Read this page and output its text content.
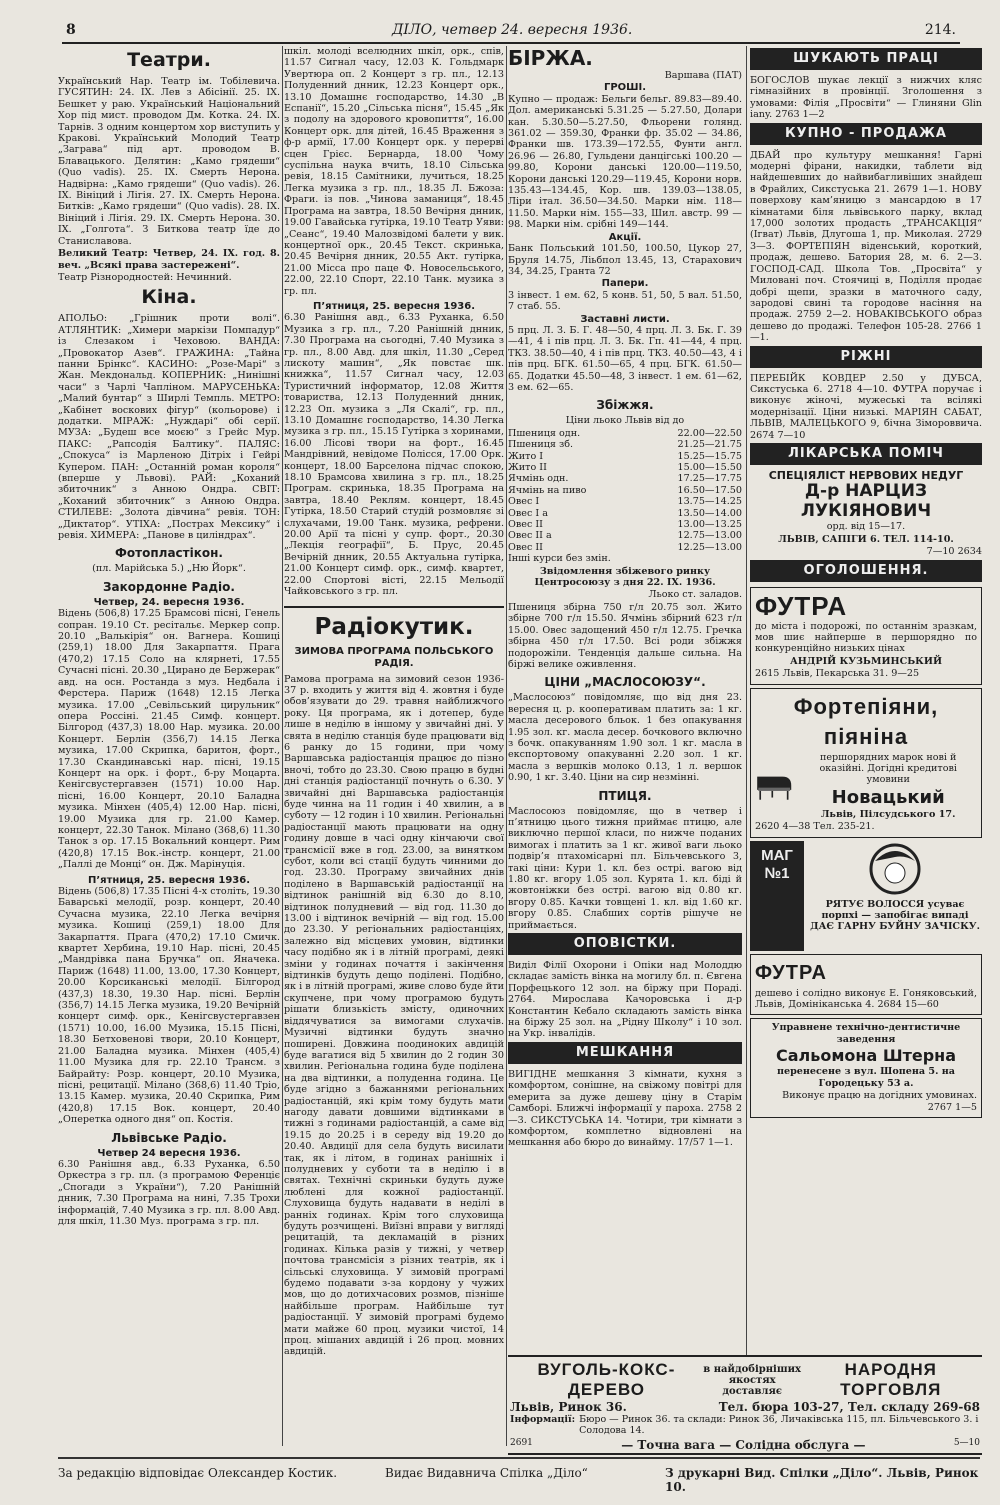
8	ДІЛО, четвер 24. вересня 1936.	214.
Театри.

Український Нар. Театр ім. Тобілевича. ГУСЯТИН: 24. IX. Лев з Абісінії. 25. IX. Бешкет у раю. Український Національний Хор під мист. проводом Дм. Котка. 24. IX. Тарнів. 3 одним концертом хор виступить у Кракові. Український Молодий Театр „Заграва“ під арт. проводом В. Блавацького. Делятин: „Камо грядеши“ (Quo vadis). 25. IX. Смерть Нерона. Надвірна: „Камо грядеши“ (Quo vadis). 26. IX. Вініций і Лігія. 27. IX. Смерть Нерона. Битків: „Камо грядеши“ (Quo vadis). 28. IX. Вініций і Лігія. 29. IX. Смерть Нерона. 30. IX. „Голгота“. З Биткова театр їде до Станиславова.

Великий Театр: Четвер, 24. IX. год. 8. веч. „Всякі права застережені“.

Театр Різнородностей: Нечинний.

Кіна.

АПОЛЬО: „Грішник проти волі“. АТЛЯНТИК: „Химери маркізи Помпадур“ із Слезаком і Чеховою. ВАНДА: „Провокатор Азев“. ГРАЖИНА: „Тайна панни Брінкс“. КАСИНО: „Розе-Марі“ з Жан. Мекдональд. КОПЕРНИК: „Нинішні часи“ з Чарлі Чапліном. МАРУСЕНЬКА: „Малий бунтар“ з Ширлі Темпль. МЕТРО: „Кабінет воскових фігур“ (кольорове) і додатки. МІРАЖ: „Нуждарі“ обі серії. МУЗА: „Будеш все моєю“ з Грейс Мур. ПАКС: „Рапсодія Балтику“. ПАЛЯС: „Спокуса“ із Марленою Дітріх і Гейрі Купером. ПАН: „Останній роман короля“ (вперше у Львові). РАЙ: „Коханий збиточник“ з Анною Ондра. СВІТ: „Коханий збиточник“ з Анною Ондра. СТИЛЕВЕ: „Золота дівчина“ ревія. ТОН: „Диктатор“. УТІХА: „Пострах Мексику“ і ревія. ХИМЕРА: „Панове в циліндрах“.

Фотопластікон.

(пл. Марійська 5.) „Ню Йорк“.

Закордонне Радіо.
Четвер, 24. вересня 1936.

Відень (506,8) 17.25 Брамсові пісні, Генель сопран. 19.10 Ст. ресітальє. Меркер сопр. 20.10 „Валькірія“ он. Вагнера. Кошиці (259,1) 18.00 Для Закарпаття. Прага (470,2) 17.15 Соло на клярнеті, 17.55 Сучасні пісні. 20.30 „Цирано де Бержерак“ авд. на осн. Ростанда з муз. Недбала і Ферстера. Париж (1648) 12.15 Легка музика. 17.00 „Севільський цирульник“ опера Россіні. 21.45 Симф. концерт. Білгород (437,3) 18.00 Нар. музика. 20.00 Концерт. Берлін (356,7) 14.15 Легка музика, 17.00 Скрипка, баритон, форт., 17.30 Скандинавські нар. пісні, 19.15 Концерт на орк. і форт., б-ру Моцарта. Кенігсвустергавзен (1571) 10.00 Нар. пісні, 16.00 Концерт, 20.10 Баладна музика. Мінхен (405,4) 12.00 Нар. пісні, 19.00 Музика для гр. 21.00 Камер. концерт, 22.30 Танок. Мілано (368,6) 11.30 Танок з ор. 17.15 Вокальний концерт. Рим (420,8) 17.15 Вок.-інстр. концерт, 21.00 „Паллі де Монці“ он. Дж. Марінуція.

П’ятниця, 25. вересня 1936.

Відень (506,8) 17.35 Пісні 4-х століть, 19.30 Баварські мелодії, розр. концерт, 20.40 Сучасна музика, 22.10 Легка вечірня музика. Кошиці (259,1) 18.00 Для Закарпаття. Прага (470,2) 17.10 Смичк. квартет Хербина, 19.10 Нар. пісні, 20.45 „Мандрівка пана Бручка“ оп. Яначека. Париж (1648) 11.00, 13.00, 17.30 Концерт, 20.00 Корсиканські мелодії. Білгород (437,3) 18.30, 19.30 Нар. пісні. Берлін (356,7) 14.15 Легка музика, 19.20 Вечірній концерт симф. орк., Кенігсвустергавзен (1571) 10.00, 16.00 Музика, 15.15 Пісні, 18.30 Бетховенові твори, 20.10 Концерт, 21.00 Баладна музика. Мінхен (405,4) 11.00 Музика для гр. 22.10 Трансм. з Байрайту: Розр. концерт, 20.10 Музика, пісні, рецитації. Мілано (368,6) 11.40 Тріо, 13.15 Камер. музика, 20.40 Скрипка, Рим (420,8) 17.15 Вок. концерт, 20.40 „Оперетка одного дня“ оп. Костія.

Львівське Радіо.
Четвер 24 вересня 1936.

6.30 Ранішня авд., 6.33 Руханка, 6.50 Оркестра з гр. пл. (з програмою Ференціє „Спогади з України“), 7.20 Ранішній днник, 7.30 Програма на нині, 7.35 Трохи інформацій, 7.40 Музика з гр. пл. 8.00 Авд. для шкіл, 11.30 Муз. програма з гр. пл.

шкіл. молоді вселюдних шкіл, орк., спів, 11.57 Сигнал часу, 12.03 К. Гольдмарк Увертюра оп. 2 Концерт з гр. пл., 12.13 Полуденний днник, 12.23 Концерт орк., 13.10 Домашнє господарство, 14.30 „В Еспанії“, 15.20 „Сільська пісня“, 15.45 „Як з подолу на здорового кровопиття“, 16.00 Концерт орк. для дітей, 16.45 Враження з ф-р армії, 17.00 Концерт орк. у перерві сцен Грієс. Бернарда, 18.00 Чому суспільна наука вчить, 18.10 Сільська ревія, 18.15 Самітники, лучиться, 18.25 Легка музика з гр. пл., 18.35 Л. Бжоза: Фраги. із пов. „Чинова заманиця“, 18.45 Програма на завтра, 18.50 Вечірня днник, 19.00 Гавайська гутірка, 19.10 Театр Уяви: „Сеанс“, 19.40 Малозвідомі балети у вик. концертної орк., 20.45 Текст. скринька, 20.45 Вечірня днник, 20.55 Акт. гутірка, 21.00 Місса про паце Ф. Новосельського, 22.00, 22.10 Спорт, 22.10 Танк. музика з гр. пл.

П’ятниця, 25. вересня 1936.

6.30 Ранішня авд., 6.33 Руханка, 6.50 Музика з гр. пл., 7.20 Ранішній днник, 7.30 Програма на сьогодні, 7.40 Музика з гр. пл., 8.00 Авд. для шкіл, 11.30 „Серед лискоту машин“, „Як повстає шк. книжка“, 11.57 Сигнал часу, 12.03 Туристичний інформатор, 12.08 Життя товариства, 12.13 Полуденний днник, 12.23 Оп. музика з „Ля Скалі“, гр. пл., 13.10 Домашнє господарство, 14.30 Легка музика з гр. пл., 15.15 Гутірка з хоринами, 16.00 Лісові твори на форт., 16.45 Мандрівний, невідоме Полісся, 17.00 Орк. концерт, 18.00 Барселона підчас спокою, 18.10 Брамсова хвилина з гр. пл., 18.25 Програм. скринька, 18.35 Програма на завтра, 18.40 Реклям. концерт, 18.45 Гутірка, 18.50 Старий студій розмовляє зі слухачами, 19.00 Танк. музика, рефрени. 20.00 Арії та пісні у супр. форт., 20.30 „Лекція географії“, Б. Прус, 20.45 Вечірній днник, 20.55 Актуальна гутірка, 21.00 Концерт симф. орк., симф. квартет, 22.00 Спортові вісті, 22.15 Мельодії Чайковського з гр. пл.

Радіокутик.
ЗИМОВА ПРОГРАМА ПОЛЬСЬКОГО РАДІЯ.

Рамова програма на зимовий сезон 1936-37 р. входить у життя від 4. жовтня і буде обов’язувати до 29. травня найближчого року. Ця програма, як і дотепер, буде лише в неділю в іншому у звичайні дні. У свята в неділю станція буде працювати від 6 ранку до 15 години, при чому Варшавська радіостанція працює до пізно вночі, тобто до 23.30. Свою працю в будні дні станція радіостанції почнуть о 6.30. У звичайні дні Варшавська радіостанція буде чинна на 11 годин і 40 хвилин, а в суботу — 12 годин і 10 хвилин. Регіональні радіостанції мають працювати на одну годину довше в часі одну кінчаючи свої трансмісії вже в год. 23.00, за винятком субот, коли всі стації будуть чинними до год. 23.30. Програму звичайних днів поділено в Варшавській радіостанції на відтинок ранішній від 6.30 до 8.10, відтинок полудневий — від год. 11.30 до 13.00 і відтинок вечірній — від год. 15.00 до 23.30. У регіональних радіостанціях, залежно від місцевих умовин, відтинки часу подібно як і в літній програмі, деякі зміни у годинах почаття і закінчення відтинків будуть дещо поділені. Подібно, як і в літній програмі, живе слово буде йти скупчене, при чому програмою будуть рішати близькість змісту, одиночних віддячуватися за вимогами слухачів. Музичні відтинки будуть значно поширені. Довжина поодиноких авдицій буде вагатися від 5 хвилин до 2 годин 30 хвилин. Регіональна година буде поділена на два відтинки, а полуденна година. Це буде згідно з бажаннями регіональних радіостанцій, які крім тому будуть мати нагоду давати довшими відтинками в тижні з годинами радіостанцій, а саме від 19.15 до 20.25 і в середу від 19.20 до 20.40. Авдиції для села будуть висилати так, як і літом, в годинах ранішніх і полудневих у суботи та в неділю і в святах. Технічні скриньки будуть дуже люблені для кожної радіостанції. Слуховища будуть надавати в неділі в ранніх годинах. Крім того слуховища будуть розчищені. Виїзні вправи у вигляді рецитацій, та декламацій в різних годинах. Кілька разів у тижні, у четвер почтова трансмісія з різних театрів, як і сільські слуховища. У зимовій програмі будемо подавати з-за кордону у чужих мов, що до дотихчасових розмов, пізніше найбільше програм. Найбільше тут радіостанції. У зимовій програмі будемо мати майже 60 проц. музики чистої, 14 проц. мішаних авдицій і 26 проц. мовних авдицій.

БІРЖА.

Варшава (ПАТ)

ГРОШІ.

Купно — продаж: Бельги бельг. 89.83—89.40. Дол. американські 5.31.25 — 5.27.50, Долари кан. 5.30.50—5.27.50, Фльорени голянд. 361.02 — 359.30, Франки фр. 35.02 — 34.86, Франки шв. 173.39—172.55, Фунти англ. 26.96 — 26.80, Гульдени данцігські 100.20 — 99.80, Корони данські 120.00—119.50, Корони данські 120.29—119.45, Корони норв. 135.43—134.45, Кор. шв. 139.03—138.05, Ліри італ. 36.50—34.50. Марки нім. 118—11.50. Марки нім. 155—33, Шил. австр. 99 — 98. Марки нім. срібні 149—144.

Акції.

Банк Польський 101.50, 100.50, Цукор 27, Бруля 14.75, Ліьбпол 13.45, 13, Старахович 34, 34.25, Гранта 72

Папери.

3 інвест. 1 ем. 62, 5 конв. 51, 50, 5 вал. 51.50, 7 стаб. 55.

Заставні листи.

5 прц. Л. З. Б. Г. 48—50, 4 прц. Л. З. Бк. Г. 39—41, 4 і пів прц. Л. З. Бк. Гп. 41—44, 4 прц. ТКЗ. 38.50—40, 4 і пів прц. ТКЗ. 40.50—43, 4 і пів прц. БГК. 61.50—65, 4 прц. БГК. 61.50—65. Додатки 45.50—48, 3 інвест. 1 ем. 61—62, 3 ем. 62—65.

Збіжжя.

Ціни льоко Львів від до

Пшениця одн.	22.00—22.50
Пшениця зб.	21.25—21.75
Жито I	15.25—15.75
Жито II	15.00—15.50
Ячмінь одн.	17.25—17.75
Ячмінь на пиво	16.50—17.50
Овес I	13.75—14.25
Овес I а	13.50—14.00
Овес II	13.00—13.25
Овес II а	12.75—13.00
Овес II	12.25—13.00

Інші курси без змін.

Звідомлення збіжевого ринку Центросоюзу з дня 22. IX. 1936.

Льоко ст. заладов.

Пшениця збірна 750 г/л 20.75 зол. Жито збірне 700 г/л 15.50. Ячмінь збірний 623 г/л 15.00. Овес задощений 450 г/л 12.75. Гречка збірна 450 г/л 17.50. Всі роди збіжжя подорожіли. Тенденція дальше сильна. На біржі велике оживлення.

ЦІНИ „МАСЛОСОЮЗУ“.

„Маслосоюз“ повідомляє, що від дня 23. вересня ц. р. кооперативам платить за: 1 кг. масла десерового бльок. 1 без опакування 1.95 зол. кг. масла десер. бочкового включно з бочк. опакуванням 1.90 зол. 1 кг. масла в експортовому опакуванні 2.20 зол. 1 кг. масла з вершків молоко 0.13, 1 л. вершок 0.90, 1 кг. 3.40. Ціни на сир незмінні.

ПТИЦЯ.

Маслосоюз повідомляє, що в четвер і п’ятницю цього тижня приймає птицю, але виключно першої класи, по нижче поданих вимогах і платить за 1 кг. живої ваги льоко подвір’я птахомісарні пл. Більчевського 3, такі ціни: Кури 1. кл. без острі. вагою від 1.80 кг. вгору 1.05 зол. Курята 1. кл. біді й жовтоніжки без острі. вагою від 0.80 кг. вгору 0.85. Качки товщені 1. кл. від 1.60 кг. вгору 0.85. Слабших сортів рішуче не приймається.

ОПОВІСТКИ.

Виділ Філії Охорони і Опіки над Молоддю складає замість вінка на могилу бл. п. Євгена Порфецького 12 зол. на біржу при Пораді. 2764. Мирослава Качоровська і д-р Константин Кебало складають замість вінка на біржу 25 зол. на „Рідну Школу“ і 10 зол. на Укр. інвалідів.

МЕШКАННЯ

ВИГІДНЕ мешкання 3 кімнати, кухня з комфортом, сонішне, на свіжому повітрі для емерита за дуже дешеву ціну в Старім Самборі. Ближчі інформації у пароха. 2758 2—3. СИКСТУСЬКА 14. Чотири, три кімнати з комфортом, комплетно відновлені на мешкання або бюро до винайму. 17/57 1—1.

ШУКАЮТЬ ПРАЦІ

БОГОСЛОВ шукає лекції з нижчих кляс гімназійних в провінції. Зголошення з умовами: Філія „Просвіти“ — Глиняни Glin iany. 2763 1—2

КУПНО - ПРОДАЖА

ДБАЙ про культуру мешкання! Гарні модерні фірани, накидки, таблети від найдешевших до найвибагливіших знайдеш в Фрайлих, Сикстуська 21. 2679 1—1. НОВУ поверхову кам’яницю з мансардою в 17 кімнатами біля львівського парку, вклад 17,000 золотих продасть „ТРАНСАКЦІЯ“ (Ігват) Львів, Длугоша 1, пр. Миколая. 2729 3—3. ФОРТЕПІЯН віденський, короткий, продаж, дешево. Батория 28, м. 6. 2—3. ГОСПОД-САД. Школа Тов. „Просвіта“ у Миловані поч. Стоячиці в, Поділля продає добрі щепи, зразки в маточного саду, зародові свині та городове насіння на продаж. 2759 2—2. НОВАКІВСЬКОГО образ дешево до продажі. Телефон 105-28. 2766 1—1.

РІЖНІ

ПЕРЕБІЙК КОВДЕР 2.50 у ДУБСА, Сикстуська 6. 2718 4—10. ФУТРА поручає і виконує жіночі, мужеські та всілякі модернізації. Ціни низькі. МАРІЯН САБАТ, ЛЬВІВ, МАЛЕЦЬКОГО 9, бічна Зімороввича. 2674 7—10

ЛІКАРСЬКА ПОМІЧ
СПЕЦІЯЛІСТ НЕРВОВИХ НЕДУГ
Д-р НАРЦИЗ ЛУКІЯНОВИЧ

орд. від 15—17.

ЛЬВІВ, САПІГИ 6. ТЕЛ. 114-10.

7—10 2634

ОГОЛОШЕННЯ.
ФУТРА

до міста і подорожі, по останнім зразкам, мов шиє найперше в першорядно по конкуренційно низьких цінах

АНДРІЙ КУЗЬМИНСЬКИЙ

2615 Львів, Пекарська 31. 9—25

Фортепіяни, піяніна

першорядних марок нові й оказійні. Догідні кредитові умовини

Новацький

Львів, Пілсудського 17.

2620 4—38 Тел. 235-21.

МАГ №1

РЯТУЄ ВОЛОССЯ усуває порпхі — запобігає випаді ДАЄ ГАРНУ БУЙНУ ЗАЧІСКУ.

ФУТРА

дешево і солідно виконує Е. Гоняковський, Львів, Домініканська 4. 2684 15—60

Управнене технічно-дентистичне заведення

Сальомона Штерна

перенесене з вул. Шопена 5. на Городецьку 53 а.

Виконує працю на догідних умовинах. 2767 1—5

ВУГОЛЬ-КОКС-ДЕРЕВО
в найдобірніших якостях доставляє
НАРОДНЯ ТОРГОВЛЯ
Львів, Ринок 36.	Тел. бюра 103-27, Тел. складу 269-68
Інформації: Бюро — Ринок 36. та склади: Ринок 36, Личаківська 115, пл. Більчевського 3. і Солодова 14.
2691	— Точна вага — Солідна обслуга —	5—10
За редакцію відповідає Олександер Костик.	Видає Видавнича Спілка „Діло“	З друкарні Вид. Спілки „Діло“. Львів, Ринок 10.
